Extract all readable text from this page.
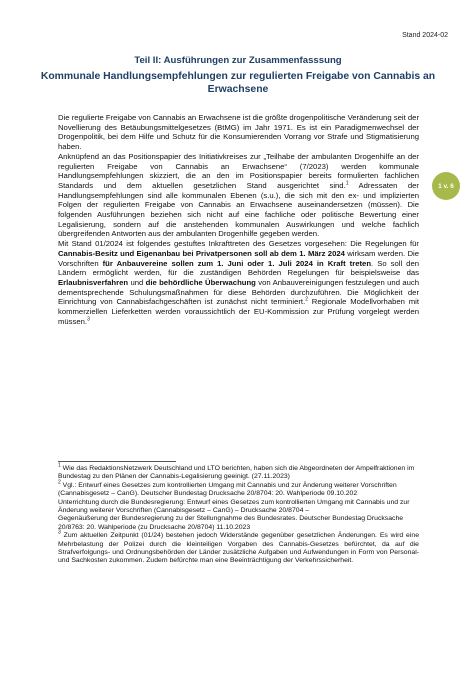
Stand 2024-02
Teil II: Ausführungen zur Zusammenfasssung
Kommunale Handlungsempfehlungen zur regulierten Freigabe von Cannabis an Erwachsene
1 v. 6

Die regulierte Freigabe von Cannabis an Erwachsene ist die größte drogenpolitische Veränderung seit der Novellierung des Betäubungsmittelgesetzes (BtMG) im Jahr 1971. Es ist ein Paradigmenwechsel der Drogenpolitik, bei dem Hilfe und Schutz für die Konsumierenden Vorrang vor Strafe und Stigmatisierung haben.

Anknüpfend an das Positionspapier des Initiativkreises zur „Teilhabe der ambulanten Drogenhilfe an der regulierten Freigabe von Cannabis an Erwachsene“ (7/2023) werden kommunale Handlungsempfehlungen skizziert, die an den im Positionspapier bereits formulierten fachlichen Standards und dem aktuellen gesetzlichen Stand ausgerichtet sind.$^1$ Adressaten der Handlungsempfehlungen sind alle kommunalen Ebenen (s.u.), die sich mit den ex- und implizierten Folgen der regulierten Freigabe von Cannabis an Erwachsene auseinandersetzen (müssen). Die folgenden Ausführungen beziehen sich nicht auf eine fachliche oder politische Bewertung einer Legalisierung, sondern auf die anstehenden kommunalen Auswirkungen und welche fachlich übergreifenden Antworten aus der ambulanten Drogenhilfe gegeben werden.

Mit Stand 01/2024 ist folgendes gestuftes Inkrafttreten des Gesetzes vorgesehen: Die Regelungen für Cannabis-Besitz und Eigenanbau bei Privatpersonen soll ab dem 1. März 2024 wirksam werden. Die Vorschriften für Anbauvereine sollen zum 1. Juni oder 1. Juli 2024 in Kraft treten. So soll den Ländern ermöglicht werden, für die zuständigen Behörden Regelungen für beispielsweise das Erlaubnisverfahren und die behördliche Überwachung von Anbauvereinigungen festzulegen und auch dementsprechende Schulungsmaßnahmen für diese Behörden durchzuführen. Die Möglichkeit der Einrichtung von Cannabisfachgeschäften ist zunächst nicht terminiert.$^2$ Regionale Modellvorhaben mit kommerziellen Lieferketten werden voraussichtlich der EU-Kommission zur Prüfung vorgelegt werden müssen.$^3$

$^1$ Wie das RedaktionsNetzwerk Deutschland und LTO berichten, haben sich die Abgeordneten der Ampelfraktionen im Bundestag zu den Plänen der Cannabis-Legalisierung geeinigt. (27.11.2023)

$^2$ Vgl.: Entwurf eines Gesetzes zum kontrollierten Umgang mit Cannabis und zur Änderung weiterer Vorschriften (Cannabisgesetz – CanG). Deutscher Bundestag Drucksache 20/8704: 20. Wahlperiode 09.10.202

Unterrichtung durch die Bundesregierung: Entwurf eines Gesetzes zum kontrollierten Umgang mit Cannabis und zur Änderung weiterer Vorschriften (Cannabisgesetz – CanG) – Drucksache 20/8704 –

Gegenäußerung der Bundesregierung zu der Stellungnahme des Bundesrates. Deutscher Bundestag Drucksache 20/8763: 20. Wahlperiode (zu Drucksache 20/8704) 11.10.2023

$^3$ Zum aktuellen Zeitpunkt (01/24) bestehen jedoch Widerstände gegenüber gesetzlichen Änderungen. Es wird eine Mehrbelastung der Polizei durch die kleinteiligen Vorgaben des Cannabis-Gesetzes befürchtet, da auf die Strafverfolgungs- und Ordnungsbehörden der Länder zusätzliche Aufgaben und Aufwendungen in Form von Personal- und Sachkosten zukommen. Zudem befürchte man eine Beeinträchtigung der Verkehrssicherheit.
